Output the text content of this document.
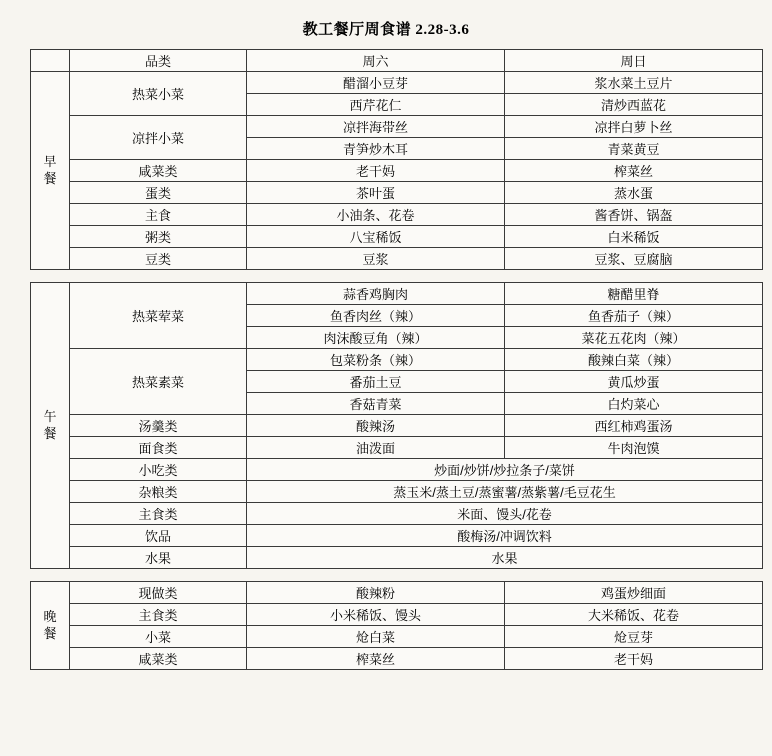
教工餐厅周食谱 2.28-3.6
	品类	周六	周日
早餐	热菜小菜	醋溜小豆芽	浆水菜土豆片
		西芹花仁	清炒西蓝花
	凉拌小菜	凉拌海带丝	凉拌白萝卜丝
		青笋炒木耳	青菜黄豆
	咸菜类	老干妈	榨菜丝
	蛋类	茶叶蛋	蒸水蛋
	主食	小油条、花卷	酱香饼、锅盔
	粥类	八宝稀饭	白米稀饭
	豆类	豆浆	豆浆、豆腐脑

午餐	热菜荤菜	蒜香鸡胸肉	糖醋里脊
		鱼香肉丝（辣）	鱼香茄子（辣）
		肉沫酸豆角（辣）	菜花五花肉（辣）
	热菜素菜	包菜粉条（辣）	酸辣白菜（辣）
		番茄土豆	黄瓜炒蛋
		香菇青菜	白灼菜心
	汤羹类	酸辣汤	西红柿鸡蛋汤
	面食类	油泼面	牛肉泡馍
	小吃类	炒面/炒饼/炒拉条子/菜饼	
	杂粮类	蒸玉米/蒸土豆/蒸蜜薯/蒸紫薯/毛豆花生	
	主食类	米面、馒头/花卷	
	饮品	酸梅汤/冲调饮料	
	水果	水果	

晚餐	现做类	酸辣粉	鸡蛋炒细面
	主食类	小米稀饭、馒头	大米稀饭、花卷
	小菜	炝白菜	炝豆芽
	咸菜类	榨菜丝	老干妈
